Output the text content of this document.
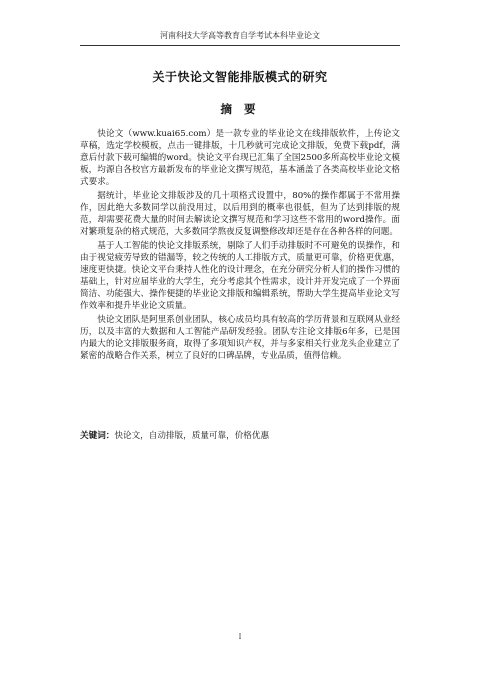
河南科技大学高等教育自学考试本科毕业论文
关于快论文智能排版模式的研究
摘 要

快论文（www.kuai65.com）是一款专业的毕业论文在线排版软件，上传论文草稿，选定学校模板，点击一键排版，十几秒就可完成论文排版，免费下载pdf，满意后付款下载可编辑的word。快论文平台现已汇集了全国2500多所高校毕业论文模板，均源自各校官方最新发布的毕业论文撰写规范，基本涵盖了各类高校毕业论文格式要求。

据统计，毕业论文排版涉及的几十项格式设置中，80%的操作都属于不常用操作，因此绝大多数同学以前没用过，以后用到的概率也很低，但为了达到排版的规范，却需要花费大量的时间去解读论文撰写规范和学习这些不常用的word操作。面对繁琐复杂的格式规范，大多数同学熬夜反复调整修改却还是存在各种各样的问题。

基于人工智能的快论文排版系统，剔除了人们手动排版时不可避免的误操作，和由于视觉疲劳导致的错漏等，较之传统的人工排版方式，质量更可靠，价格更优惠，速度更快捷。快论文平台秉持人性化的设计理念，在充分研究分析人们的操作习惯的基础上，针对应届毕业的大学生，充分考虑其个性需求，设计并开发完成了一个界面简洁、功能强大、操作便捷的毕业论文排版和编辑系统，帮助大学生提高毕业论文写作效率和提升毕业论文质量。

快论文团队是阿里系创业团队，核心成员均具有较高的学历背景和互联网从业经历，以及丰富的大数据和人工智能产品研发经验。团队专注论文排版6年多，已是国内最大的论文排版服务商，取得了多项知识产权，并与多家相关行业龙头企业建立了紧密的战略合作关系，树立了良好的口碑品牌，专业品质，值得信赖。

关键词：快论文，自动排版，质量可靠，价格优惠
I
